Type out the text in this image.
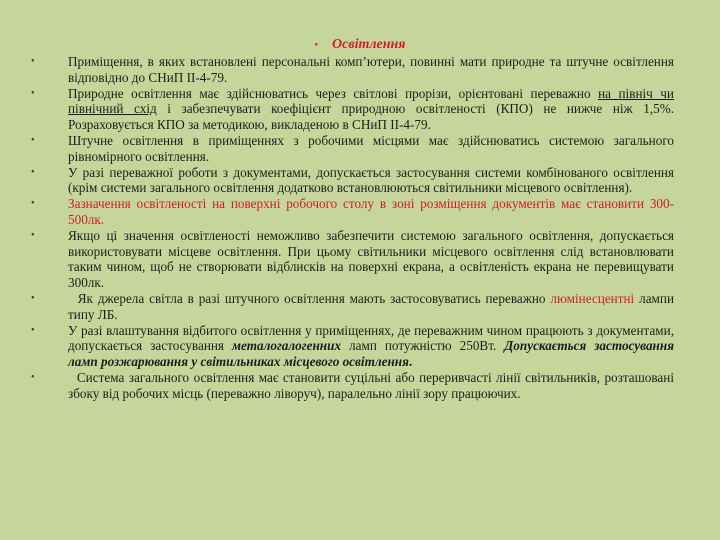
• Освітлення
• Приміщення, в яких встановлені персональні комп’ютери, повинні мати природне та штучне освітлення відповідно до СНиП ІІ-4-79.
• Природне освітлення має здійснюватись через світлові прорізи, орієнтовані переважно на північ чи північний схід і забезпечувати коефіцієнт природною освітленості (КПО) не нижче ніж 1,5%. Розраховується КПО за методикою, викладеною в СНиП ІІ-4-79.
• Штучне освітлення в приміщеннях з робочими місцями має здійснюватись системою загального рівномірного освітлення.
• У разі переважної роботи з документами, допускається застосування системи комбінованого освітлення (крім системи загального освітлення додатково встановлюються світильники місцевого освітлення).
• Зазначення освітленості на поверхні робочого столу в зоні розміщення документів має становити 300-500лк.
• Якщо ці значення освітленості неможливо забезпечити системою загального освітлення, допускається використовувати місцеве освітлення. При цьому світильники місцевого освітлення слід встановлювати таким чином, щоб не створювати відблисків на поверхні екрана, а освітленість екрана не перевищувати 300лк.
• Як джерела світла в разі штучного освітлення мають застосовуватись переважно люмінесцентні лампи типу ЛБ.
• У разі влаштування відбитого освітлення у приміщеннях, де переважним чином працюють з документами, допускається застосування металогалогенних ламп потужністю 250Вт. Допускається застосування ламп розжарювання у світильниках місцевого освітлення.
• Система загального освітлення має становити суцільні або переривчасті лінії світильників, розташовані збоку від робочих місць (переважно ліворуч), паралельно лінії зору працюючих.
